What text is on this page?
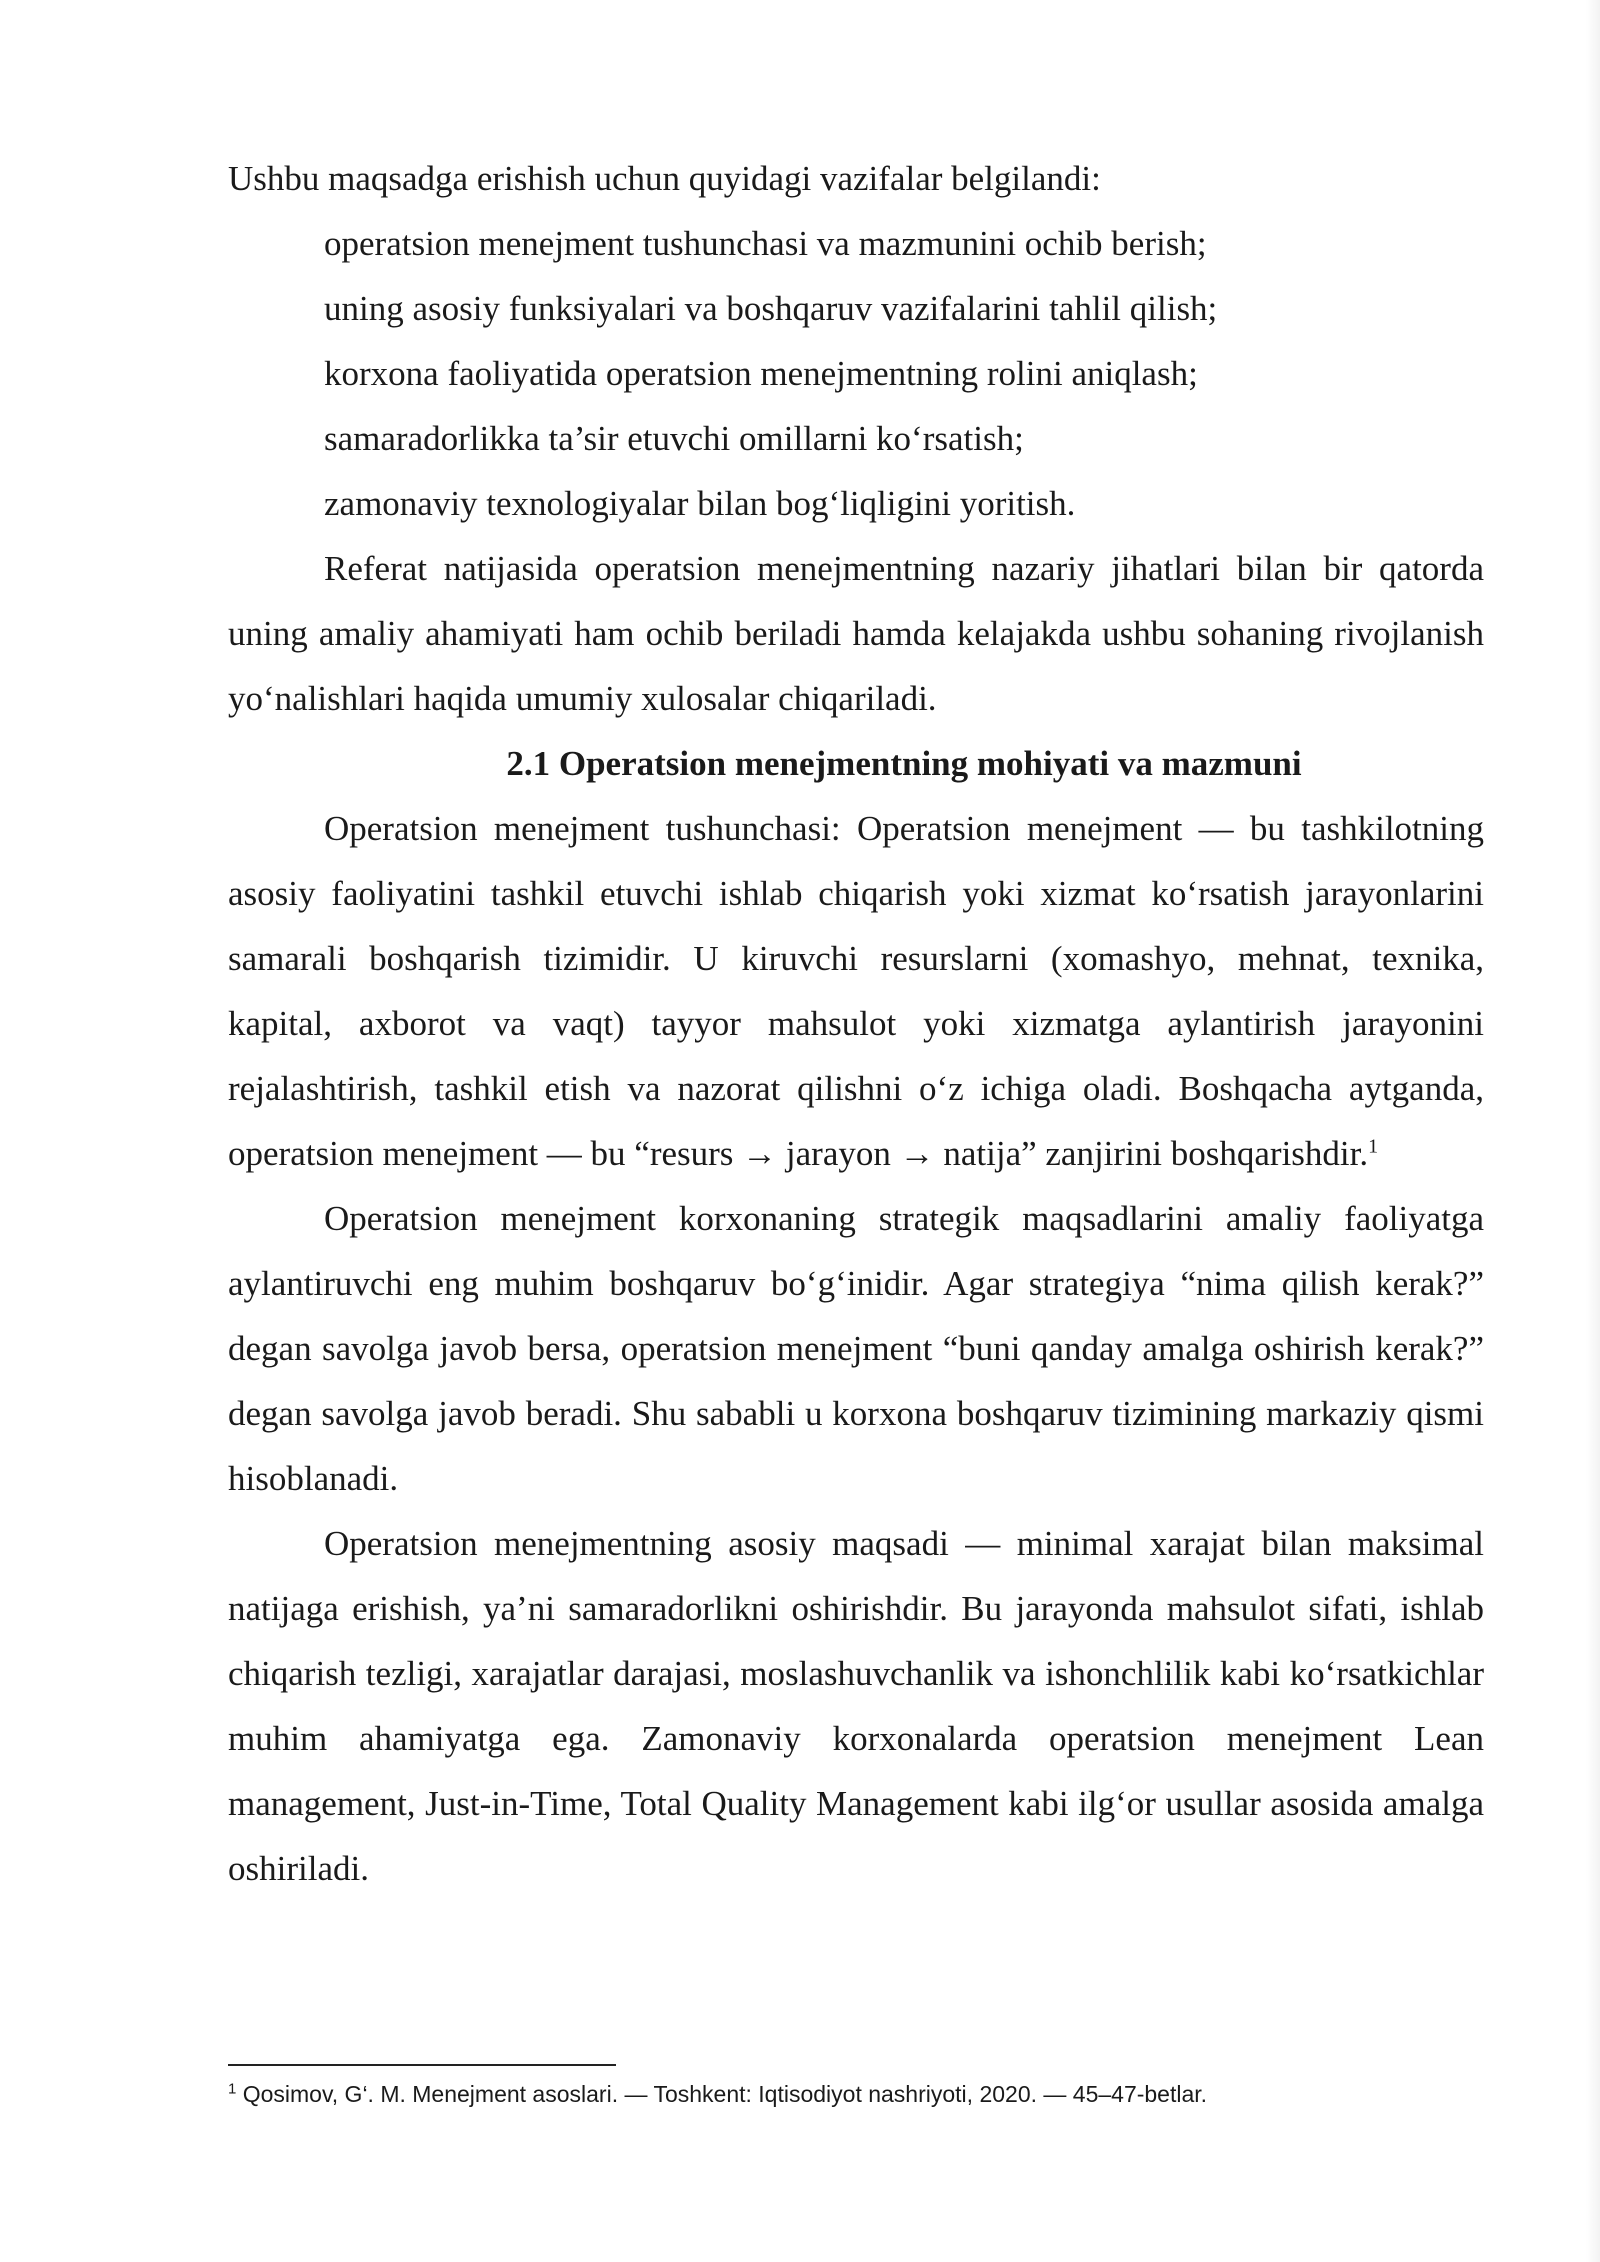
Ushbu maqsadga erishish uchun quyidagi vazifalar belgilandi:

operatsion menejment tushunchasi va mazmunini ochib berish;

uning asosiy funksiyalari va boshqaruv vazifalarini tahlil qilish;

korxona faoliyatida operatsion menejmentning rolini aniqlash;

samaradorlikka ta’sir etuvchi omillarni ko‘rsatish;

zamonaviy texnologiyalar bilan bog‘liqligini yoritish.

Referat natijasida operatsion menejmentning nazariy jihatlari bilan bir qatorda uning amaliy ahamiyati ham ochib beriladi hamda kelajakda ushbu sohaning rivojlanish yo‘nalishlari haqida umumiy xulosalar chiqariladi.

2.1 Operatsion menejmentning mohiyati va mazmuni

Operatsion menejment tushunchasi: Operatsion menejment — bu tashkilotning asosiy faoliyatini tashkil etuvchi ishlab chiqarish yoki xizmat ko‘rsatish jarayonlarini samarali boshqarish tizimidir. U kiruvchi resurslarni (xomashyo, mehnat, texnika, kapital, axborot va vaqt) tayyor mahsulot yoki xizmatga aylantirish jarayonini rejalashtirish, tashkil etish va nazorat qilishni o‘z ichiga oladi. Boshqacha aytganda, operatsion menejment — bu “resurs → jarayon → natija” zanjirini boshqarishdir.$^1$

Operatsion menejment korxonaning strategik maqsadlarini amaliy faoliyatga aylantiruvchi eng muhim boshqaruv bo‘g‘inidir. Agar strategiya “nima qilish kerak?” degan savolga javob bersa, operatsion menejment “buni qanday amalga oshirish kerak?” degan savolga javob beradi. Shu sababli u korxona boshqaruv tizimining markaziy qismi hisoblanadi.

Operatsion menejmentning asosiy maqsadi — minimal xarajat bilan maksimal natijaga erishish, ya’ni samaradorlikni oshirishdir. Bu jarayonda mahsulot sifati, ishlab chiqarish tezligi, xarajatlar darajasi, moslashuvchanlik va ishonchlilik kabi ko‘rsatkichlar muhim ahamiyatga ega. Zamonaviy korxonalarda operatsion menejment Lean management, Just-in-Time, Total Quality Management kabi ilg‘or usullar asosida amalga oshiriladi.

$^1$ Qosimov, G‘. M. Menejment asoslari. — Toshkent: Iqtisodiyot nashriyoti, 2020. — 45–47-betlar.
